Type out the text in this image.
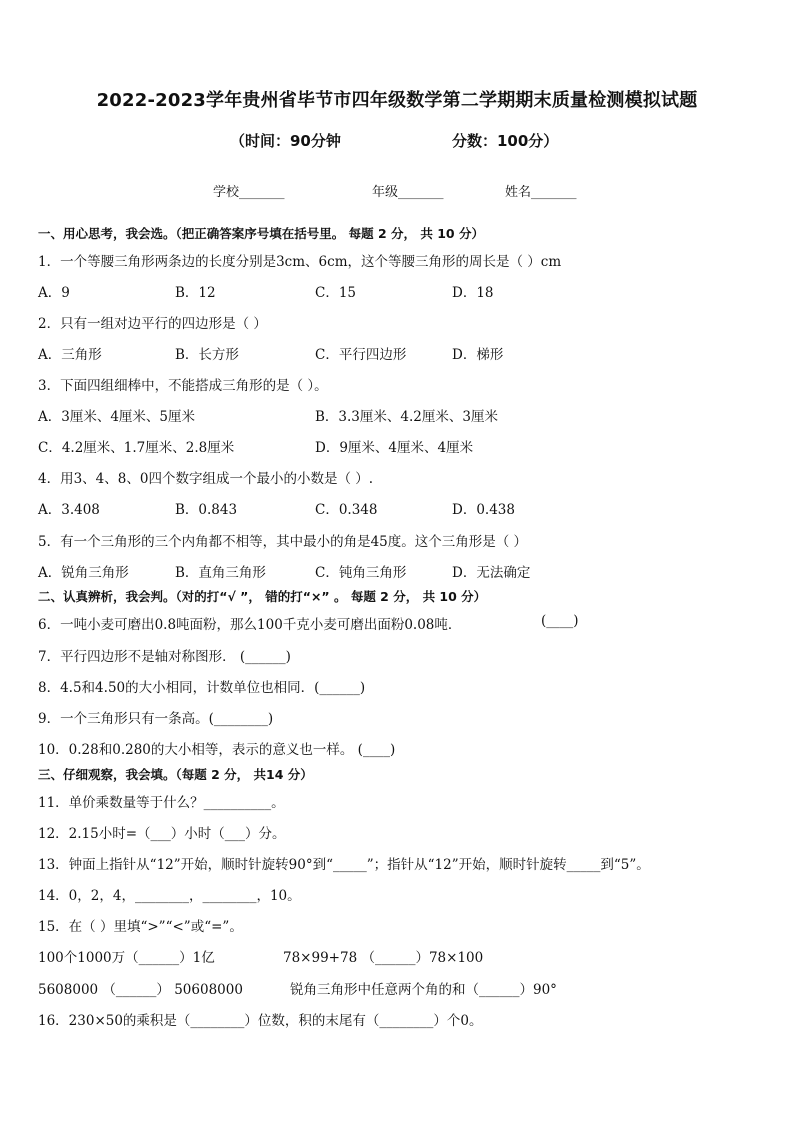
2022-2023学年贵州省毕节市四年级数学第二学期期末质量检测模拟试题
（时间：90分钟	分数：100分）
学校_______	年级_______	姓名_______
一、用心思考，我会选。（把正确答案序号填在括号里。 每题 2 分， 共 10 分）
1．一个等腰三角形两条边的长度分别是3cm、6cm，这个等腰三角形的周长是（ ）cm
A．9	B．12	C．15	D．18
2．只有一组对边平行的四边形是（ ）
A．三角形	B．长方形	C．平行四边形	D．梯形
3．下面四组细棒中，不能搭成三角形的是（ ）。
A．3厘米、4厘米、5厘米	B．3.3厘米、4.2厘米、3厘米
C．4.2厘米、1.7厘米、2.8厘米	D．9厘米、4厘米、4厘米
4．用3、4、8、0四个数字组成一个最小的小数是（ ）.
A．3.408	B．0.843	C．0.348	D．0.438
5．有一个三角形的三个内角都不相等，其中最小的角是45度。这个三角形是（ ）
A．锐角三角形	B．直角三角形	C．钝角三角形	D．无法确定
二、认真辨析，我会判。（对的打“√ ”， 错的打“×” 。 每题 2 分， 共 10 分）
6．一吨小麦可磨出0.8吨面粉，那么100千克小麦可磨出面粉0.08吨．	(____)
7．平行四边形不是轴对称图形． (______)
8．4.5和4.50的大小相同，计数单位也相同．(______)
9．一个三角形只有一条高。(________)
10．0.28和0.280的大小相等，表示的意义也一样。 (____)
三、仔细观察，我会填。（每题 2 分， 共14 分）
11．单价乘数量等于什么？__________。
12．2.15小时=（___）小时（___）分。
13．钟面上指针从“12”开始，顺时针旋转90°到“_____”；指针从“12”开始，顺时针旋转_____到“5”。
14．0，2，4，________，________，10。
15．在（ ）里填“>”“<”或“=”。
100个1000万（______）1亿	78×99+78 （______）78×100
5608000 （______） 50608000	锐角三角形中任意两个角的和（______）90°
16．230×50的乘积是（________）位数，积的末尾有（________）个0。
